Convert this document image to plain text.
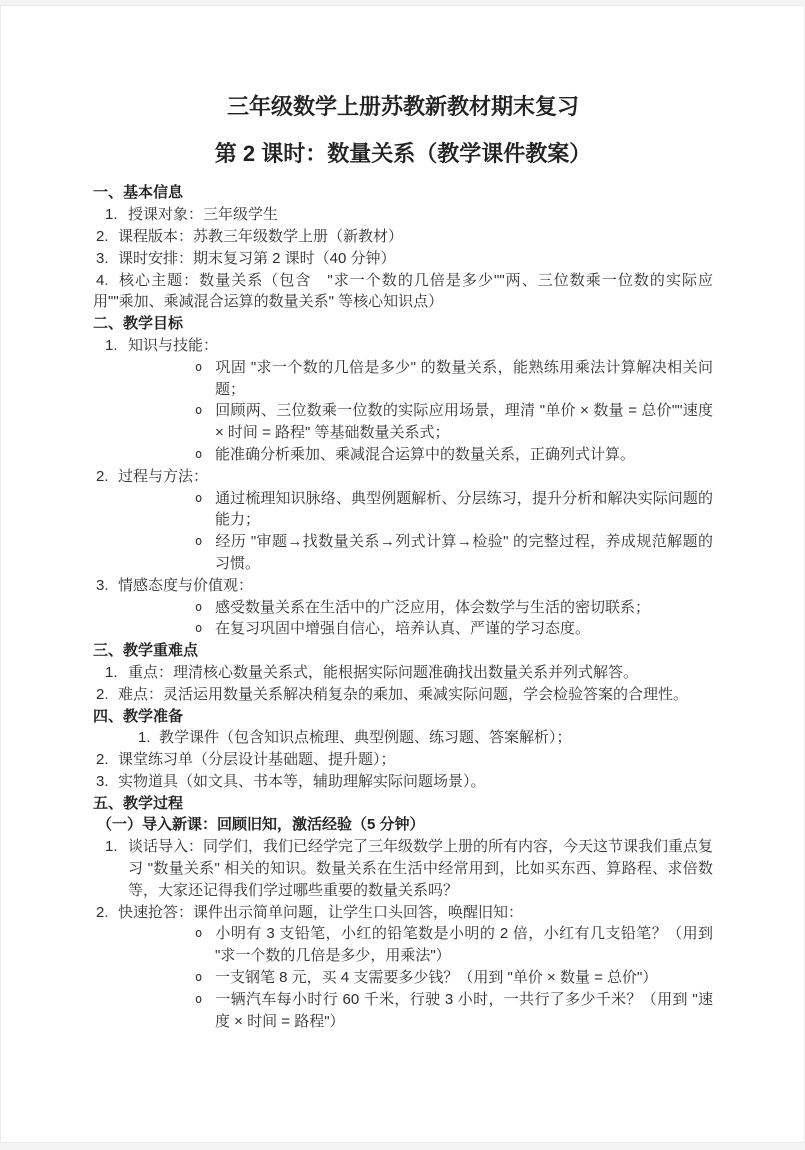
三年级数学上册苏教新教材期末复习
第 2 课时：数量关系（教学课件教案）

一、基本信息

1. 授课对象：三年级学生

2. 课程版本：苏教三年级数学上册（新教材）

3. 课时安排：期末复习第 2 课时（40 分钟）

4. 核心主题：数量关系（包含　"求一个数的几倍是多少""两、三位数乘一位数的实际应用""乘加、乘减混合运算的数量关系" 等核心知识点）

二、教学目标

1. 知识与技能：

o 巩固 "求一个数的几倍是多少" 的数量关系，能熟练用乘法计算解决相关问题；

o 回顾两、三位数乘一位数的实际应用场景，理清 "单价 × 数量 = 总价""速度 × 时间 = 路程" 等基础数量关系式；

o 能准确分析乘加、乘减混合运算中的数量关系，正确列式计算。

2. 过程与方法：

o 通过梳理知识脉络、典型例题解析、分层练习，提升分析和解决实际问题的能力；

o 经历 "审题→找数量关系→列式计算→检验" 的完整过程，养成规范解题的习惯。

3. 情感态度与价值观：

o 感受数量关系在生活中的广泛应用，体会数学与生活的密切联系；

o 在复习巩固中增强自信心，培养认真、严谨的学习态度。

三、教学重难点

1. 重点：理清核心数量关系式，能根据实际问题准确找出数量关系并列式解答。

2. 难点：灵活运用数量关系解决稍复杂的乘加、乘减实际问题，学会检验答案的合理性。

四、教学准备

1. 教学课件（包含知识点梳理、典型例题、练习题、答案解析）；

2. 课堂练习单（分层设计基础题、提升题）；

3. 实物道具（如文具、书本等，辅助理解实际问题场景）。

五、教学过程

（一）导入新课：回顾旧知，激活经验（5 分钟）

1. 谈话导入：同学们，我们已经学完了三年级数学上册的所有内容，今天这节课我们重点复习 "数量关系" 相关的知识。数量关系在生活中经常用到，比如买东西、算路程、求倍数等，大家还记得我们学过哪些重要的数量关系吗？

2. 快速抢答：课件出示简单问题，让学生口头回答，唤醒旧知：

o 小明有 3 支铅笔，小红的铅笔数是小明的 2 倍，小红有几支铅笔？（用到 "求一个数的几倍是多少，用乘法"）

o 一支钢笔 8 元，买 4 支需要多少钱？（用到 "单价 × 数量 = 总价"）

o 一辆汽车每小时行 60 千米，行驶 3 小时，一共行了多少千米？（用到 "速度 × 时间 = 路程"）
